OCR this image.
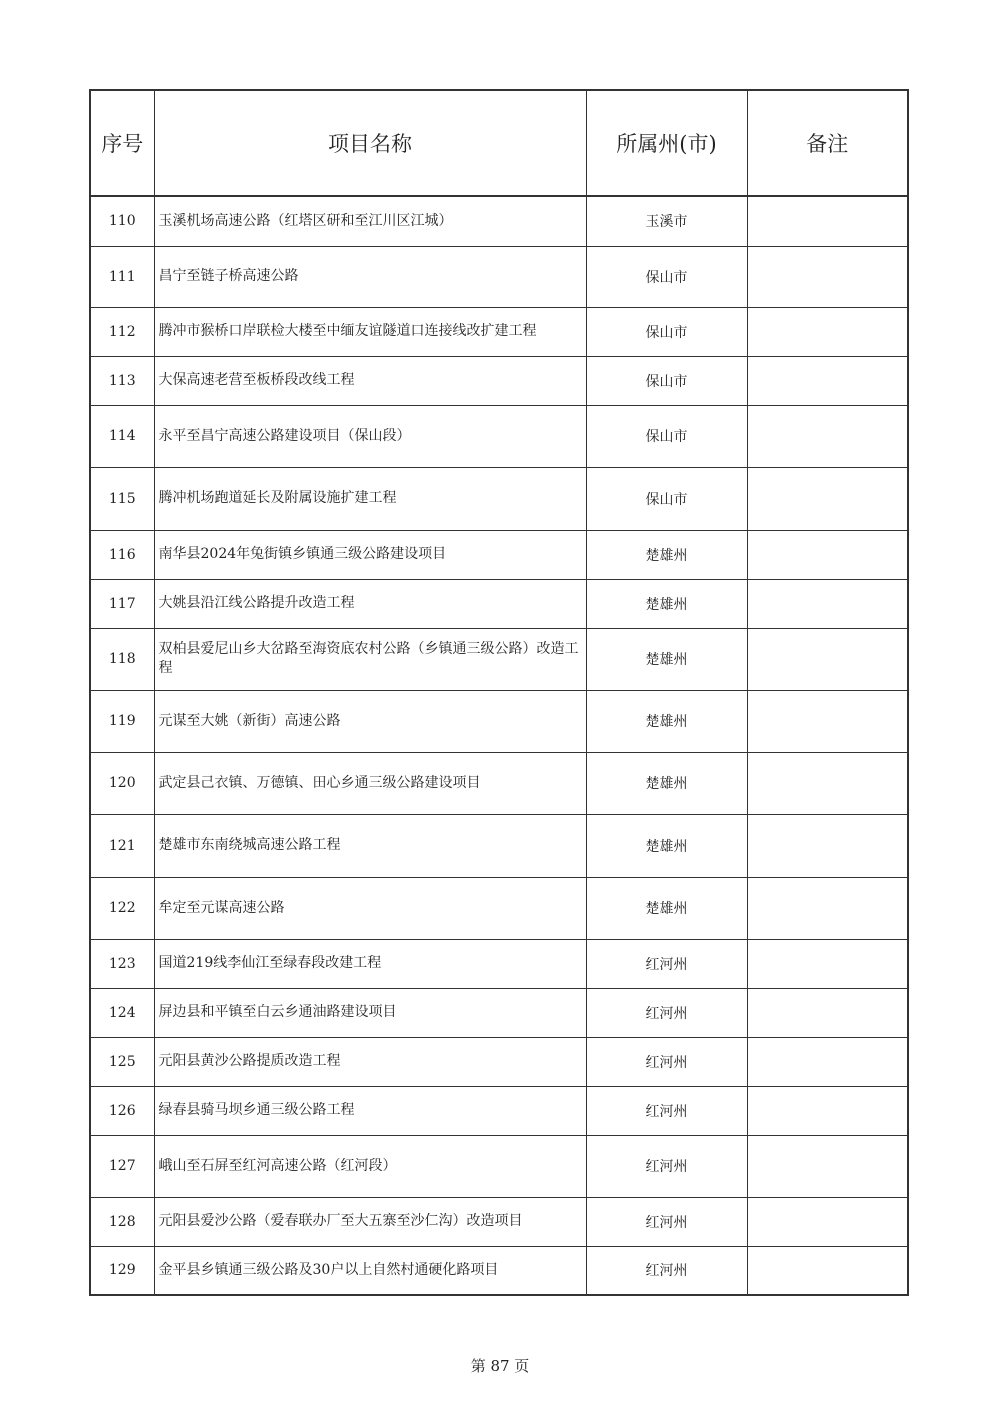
序号	项目名称	所属州(市)	备注
110	玉溪机场高速公路（红塔区研和至江川区江城）	玉溪市	
111	昌宁至链子桥高速公路	保山市	
112	腾冲市猴桥口岸联检大楼至中缅友谊隧道口连接线改扩建工程	保山市	
113	大保高速老营至板桥段改线工程	保山市	
114	永平至昌宁高速公路建设项目（保山段）	保山市	
115	腾冲机场跑道延长及附属设施扩建工程	保山市	
116	南华县2024年兔街镇乡镇通三级公路建设项目	楚雄州	
117	大姚县沿江线公路提升改造工程	楚雄州	
118	双柏县爱尼山乡大岔路至海资底农村公路（乡镇通三级公路）改造工程	楚雄州	
119	元谋至大姚（新街）高速公路	楚雄州	
120	武定县己衣镇、万德镇、田心乡通三级公路建设项目	楚雄州	
121	楚雄市东南绕城高速公路工程	楚雄州	
122	牟定至元谋高速公路	楚雄州	
123	国道219线李仙江至绿春段改建工程	红河州	
124	屏边县和平镇至白云乡通油路建设项目	红河州	
125	元阳县黄沙公路提质改造工程	红河州	
126	绿春县骑马坝乡通三级公路工程	红河州	
127	峨山至石屏至红河高速公路（红河段）	红河州	
128	元阳县爱沙公路（爱春联办厂至大五寨至沙仁沟）改造项目	红河州	
129	金平县乡镇通三级公路及30户以上自然村通硬化路项目	红河州	
第 87 页
